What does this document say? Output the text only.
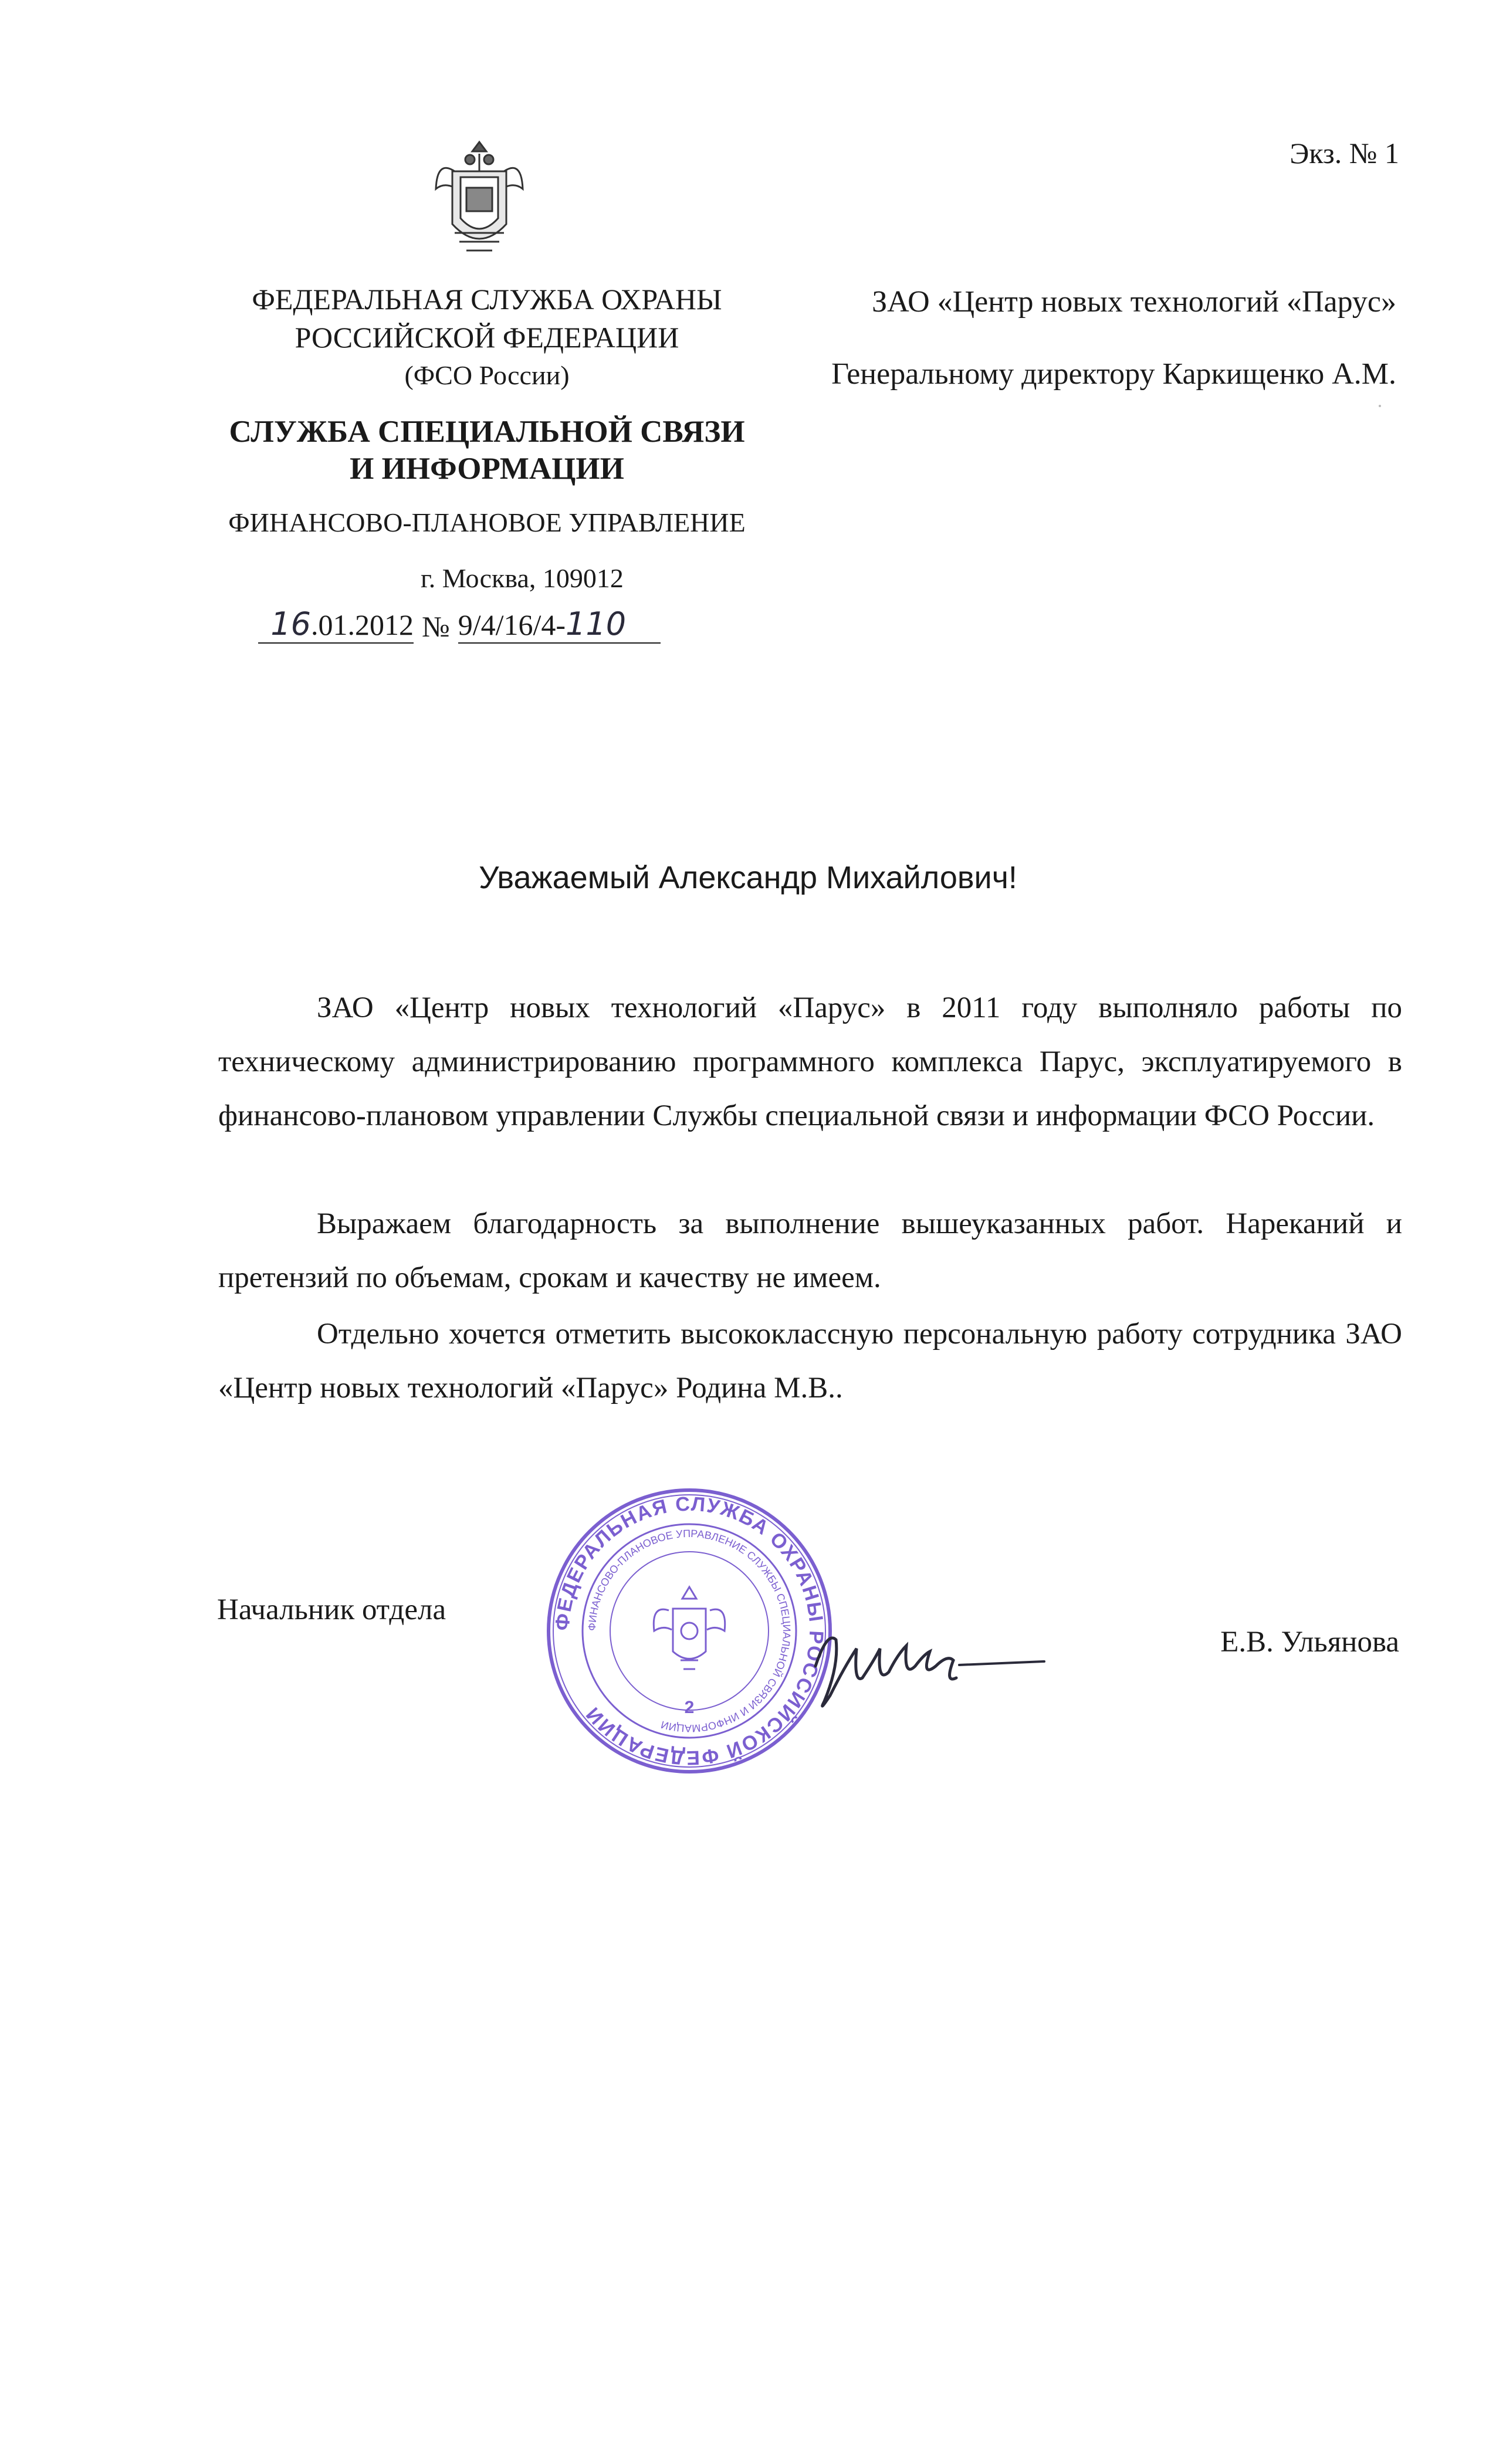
Экз. № 1
ФЕДЕРАЛЬНАЯ СЛУЖБА ОХРАНЫ
РОССИЙСКОЙ ФЕДЕРАЦИИ
(ФСО России)
СЛУЖБА СПЕЦИАЛЬНОЙ СВЯЗИ
И ИНФОРМАЦИИ
ФИНАНСОВО-ПЛАНОВОЕ УПРАВЛЕНИЕ
г. Москва, 109012
16.01.2012 № 9/4/16/4-110
ЗАО «Центр новых технологий «Парус»
Генеральному директору Каркищенко А.М.
Уважаемый Александр Михайлович!

ЗАО «Центр новых технологий «Парус» в 2011 году выполняло работы по техническому администрированию программного комплекса Парус, эксплуатируемого в финансово-плановом управлении Службы специальной связи и информации ФСО России.

Выражаем благодарность за выполнение вышеуказанных работ. Нареканий и претензий по объемам, срокам и качеству не имеем.

Отдельно хочется отметить высококлассную персональную работу сотрудника ЗАО «Центр новых технологий «Парус» Родина М.В..

ФЕДЕРАЛЬНАЯ СЛУЖБА ОХРАНЫ РОССИЙСКОЙ ФЕДЕРАЦИИ
ФИНАНСОВО-ПЛАНОВОЕ УПРАВЛЕНИЕ СЛУЖБЫ СПЕЦИАЛЬНОЙ СВЯЗИ И ИНФОРМАЦИИ
2
Начальник отдела
Е.В. Ульянова
